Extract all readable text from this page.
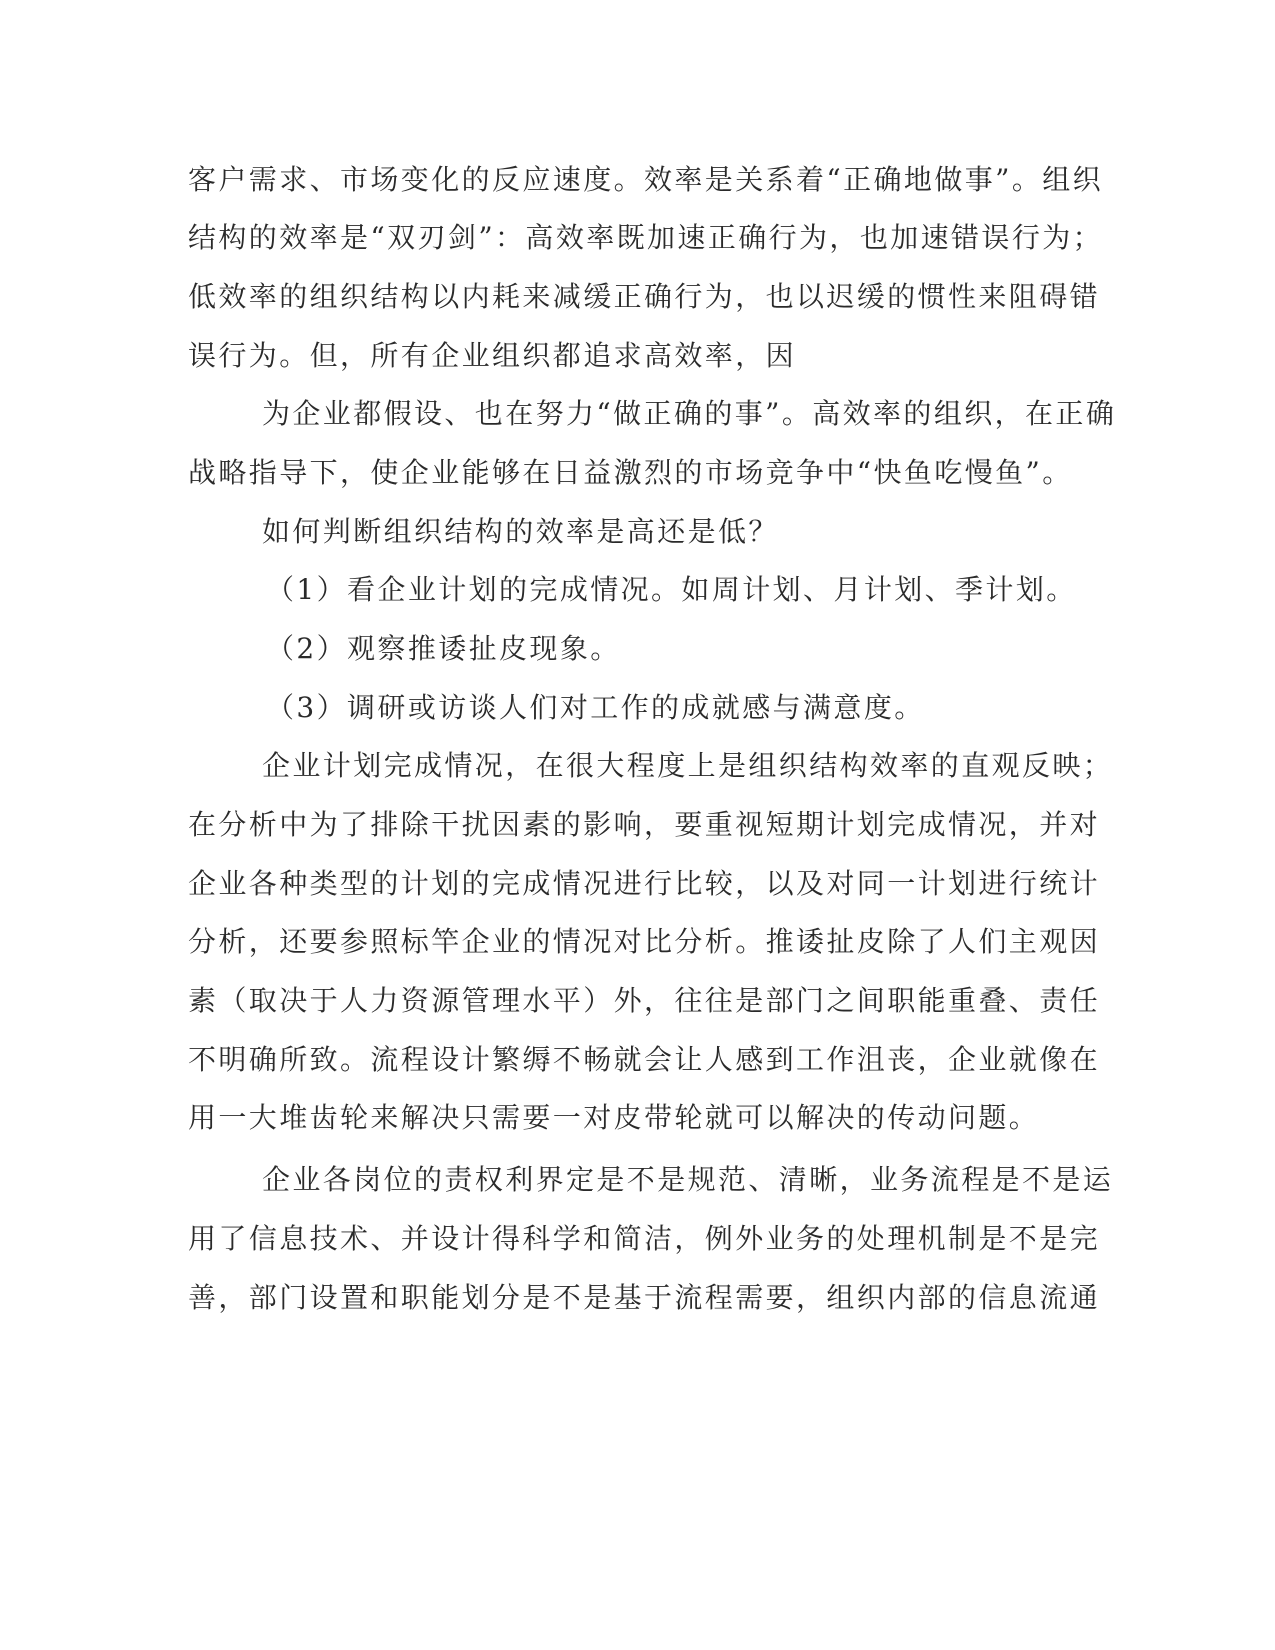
客户需求、市场变化的反应速度。效率是关系着“正确地做事”。组织
结构的效率是“双刃剑”：高效率既加速正确行为，也加速错误行为；
低效率的组织结构以内耗来减缓正确行为，也以迟缓的惯性来阻碍错
误行为。但，所有企业组织都追求高效率，因
为企业都假设、也在努力“做正确的事”。高效率的组织，在正确
战略指导下，使企业能够在日益激烈的市场竞争中“快鱼吃慢鱼”。
如何判断组织结构的效率是高还是低？
（1）看企业计划的完成情况。如周计划、月计划、季计划。
（2）观察推诿扯皮现象。
（3）调研或访谈人们对工作的成就感与满意度。
企业计划完成情况，在很大程度上是组织结构效率的直观反映；
在分析中为了排除干扰因素的影响，要重视短期计划完成情况，并对
企业各种类型的计划的完成情况进行比较，以及对同一计划进行统计
分析，还要参照标竿企业的情况对比分析。推诿扯皮除了人们主观因
素（取决于人力资源管理水平）外，往往是部门之间职能重叠、责任
不明确所致。流程设计繁缛不畅就会让人感到工作沮丧，企业就像在
用一大堆齿轮来解决只需要一对皮带轮就可以解决的传动问题。
企业各岗位的责权利界定是不是规范、清晰，业务流程是不是运
用了信息技术、并设计得科学和简洁，例外业务的处理机制是不是完
善，部门设置和职能划分是不是基于流程需要，组织内部的信息流通
